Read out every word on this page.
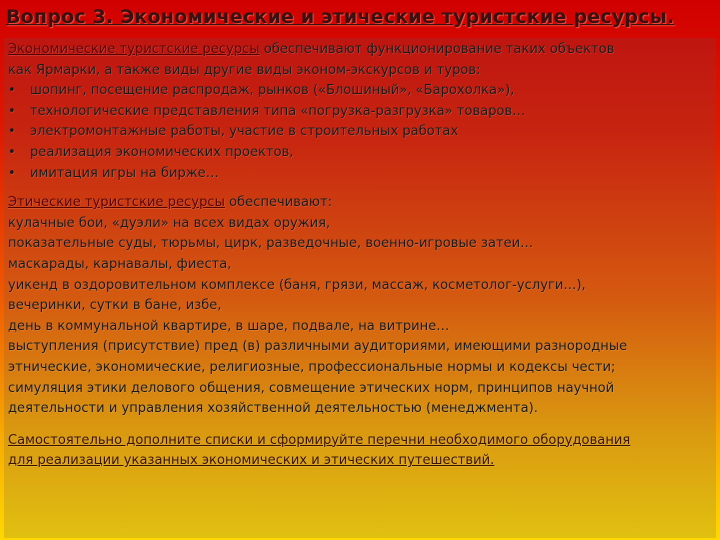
Вопрос 3. Экономические и этические туристские ресурсы.
Экономические туристские ресурсы обеспечивают функционирование таких объектов
как Ярмарки, а также виды другие виды эконом-экскурсов и туров:
• шопинг, посещение распродаж, рынков («Блошиный», «Барохолка»),
• технологические представления типа «погрузка-разгрузка» товаров…
• электромонтажные работы, участие в строительных работах
• реализация экономических проектов,
• имитация игры на бирже…
Этические туристские ресурсы обеспечивают:
кулачные бои, «дуэли» на всех видах оружия,
показательные суды, тюрьмы, цирк, разведочные, военно-игровые затеи…
маскарады, карнавалы, фиеста,
уикенд в оздоровительном комплексе (баня, грязи, массаж, косметолог-услуги…),
вечеринки, сутки в бане, избе,
день в коммунальной квартире, в шаре, подвале, на витрине…
выступления (присутствие) пред (в) различными аудиториями, имеющими разнородные
этнические, экономические, религиозные, профессиональные нормы и кодексы чести;
симуляция этики делового общения, совмещение этических норм, принципов научной
деятельности и управления хозяйственной деятельностью (менеджмента).
Самостоятельно дополните списки и сформируйте перечни необходимого оборудования
для реализации указанных экономических и этических путешествий.
